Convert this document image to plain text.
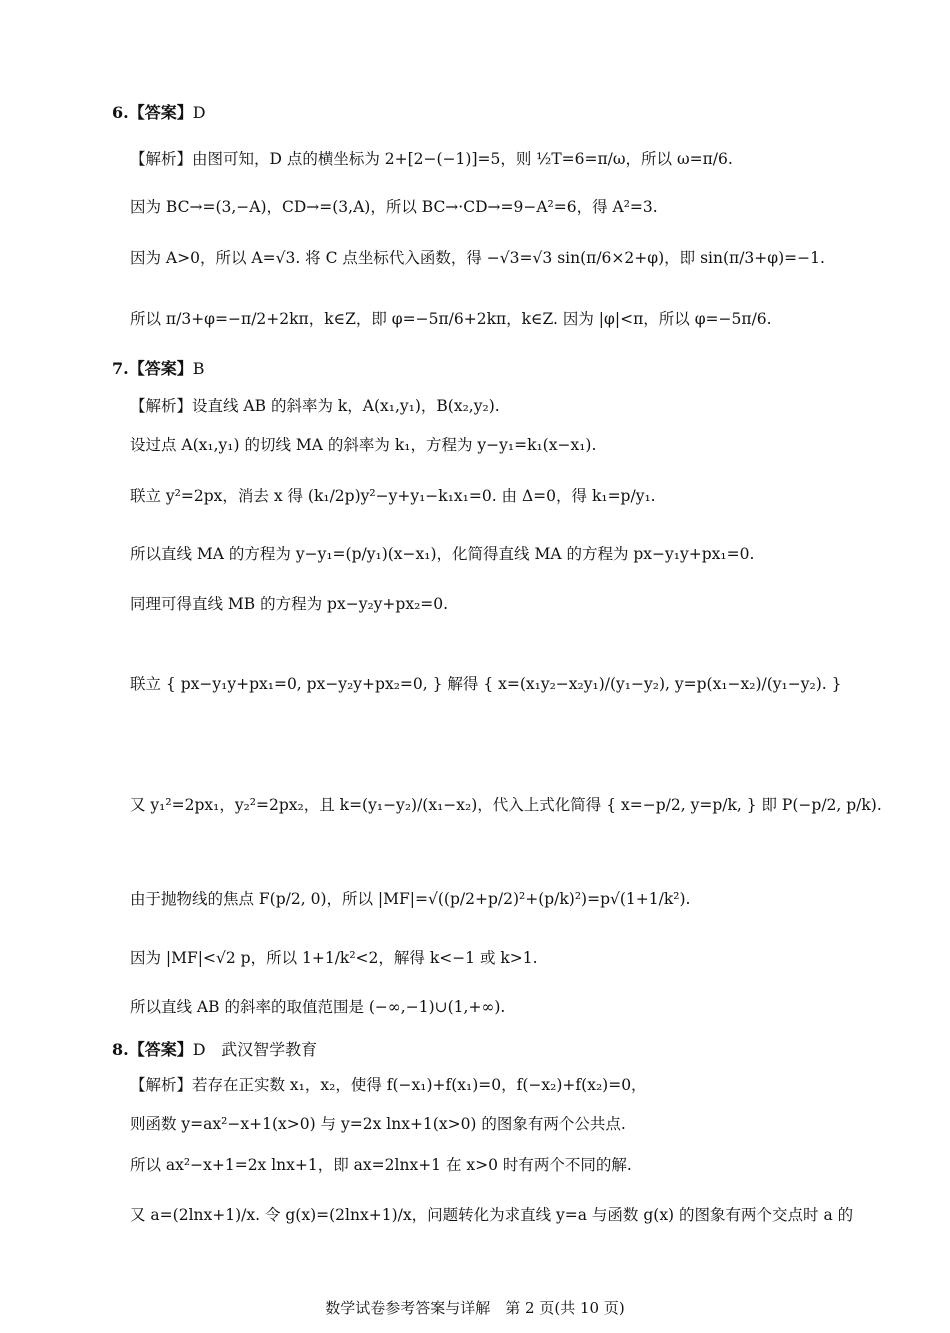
6.【答案】D
【解析】由图可知，D 点的横坐标为 2+[2−(−1)]=5，则 ½T=6=π/ω，所以 ω=π/6.
因为 BC→=(3,−A)，CD→=(3,A)，所以 BC→·CD→=9−A²=6，得 A²=3.
因为 A>0，所以 A=√3. 将 C 点坐标代入函数，得 −√3=√3 sin(π/6×2+φ)，即 sin(π/3+φ)=−1.
所以 π/3+φ=−π/2+2kπ，k∈Z，即 φ=−5π/6+2kπ，k∈Z. 因为 |φ|<π，所以 φ=−5π/6.
7.【答案】B
【解析】设直线 AB 的斜率为 k，A(x₁,y₁)，B(x₂,y₂).
设过点 A(x₁,y₁) 的切线 MA 的斜率为 k₁，方程为 y−y₁=k₁(x−x₁).
联立 y²=2px，消去 x 得 (k₁/2p)y²−y+y₁−k₁x₁=0. 由 Δ=0，得 k₁=p/y₁.
所以直线 MA 的方程为 y−y₁=(p/y₁)(x−x₁)，化简得直线 MA 的方程为 px−y₁y+px₁=0.
同理可得直线 MB 的方程为 px−y₂y+px₂=0.
联立 { px−y₁y+px₁=0, px−y₂y+px₂=0, } 解得 { x=(x₁y₂−x₂y₁)/(y₁−y₂), y=p(x₁−x₂)/(y₁−y₂). }
又 y₁²=2px₁，y₂²=2px₂，且 k=(y₁−y₂)/(x₁−x₂)，代入上式化简得 { x=−p/2, y=p/k, } 即 P(−p/2, p/k).
由于抛物线的焦点 F(p/2, 0)，所以 |MF|=√((p/2+p/2)²+(p/k)²)=p√(1+1/k²).
因为 |MF|<√2 p，所以 1+1/k²<2，解得 k<−1 或 k>1.
所以直线 AB 的斜率的取值范围是 (−∞,−1)∪(1,+∞).
8.【答案】D 武汉智学教育
【解析】若存在正实数 x₁，x₂，使得 f(−x₁)+f(x₁)=0，f(−x₂)+f(x₂)=0，
则函数 y=ax²−x+1(x>0) 与 y=2x lnx+1(x>0) 的图象有两个公共点.
所以 ax²−x+1=2x lnx+1，即 ax=2lnx+1 在 x>0 时有两个不同的解.
又 a=(2lnx+1)/x. 令 g(x)=(2lnx+1)/x，问题转化为求直线 y=a 与函数 g(x) 的图象有两个交点时 a 的
数学试卷参考答案与详解　第 2 页(共 10 页)
